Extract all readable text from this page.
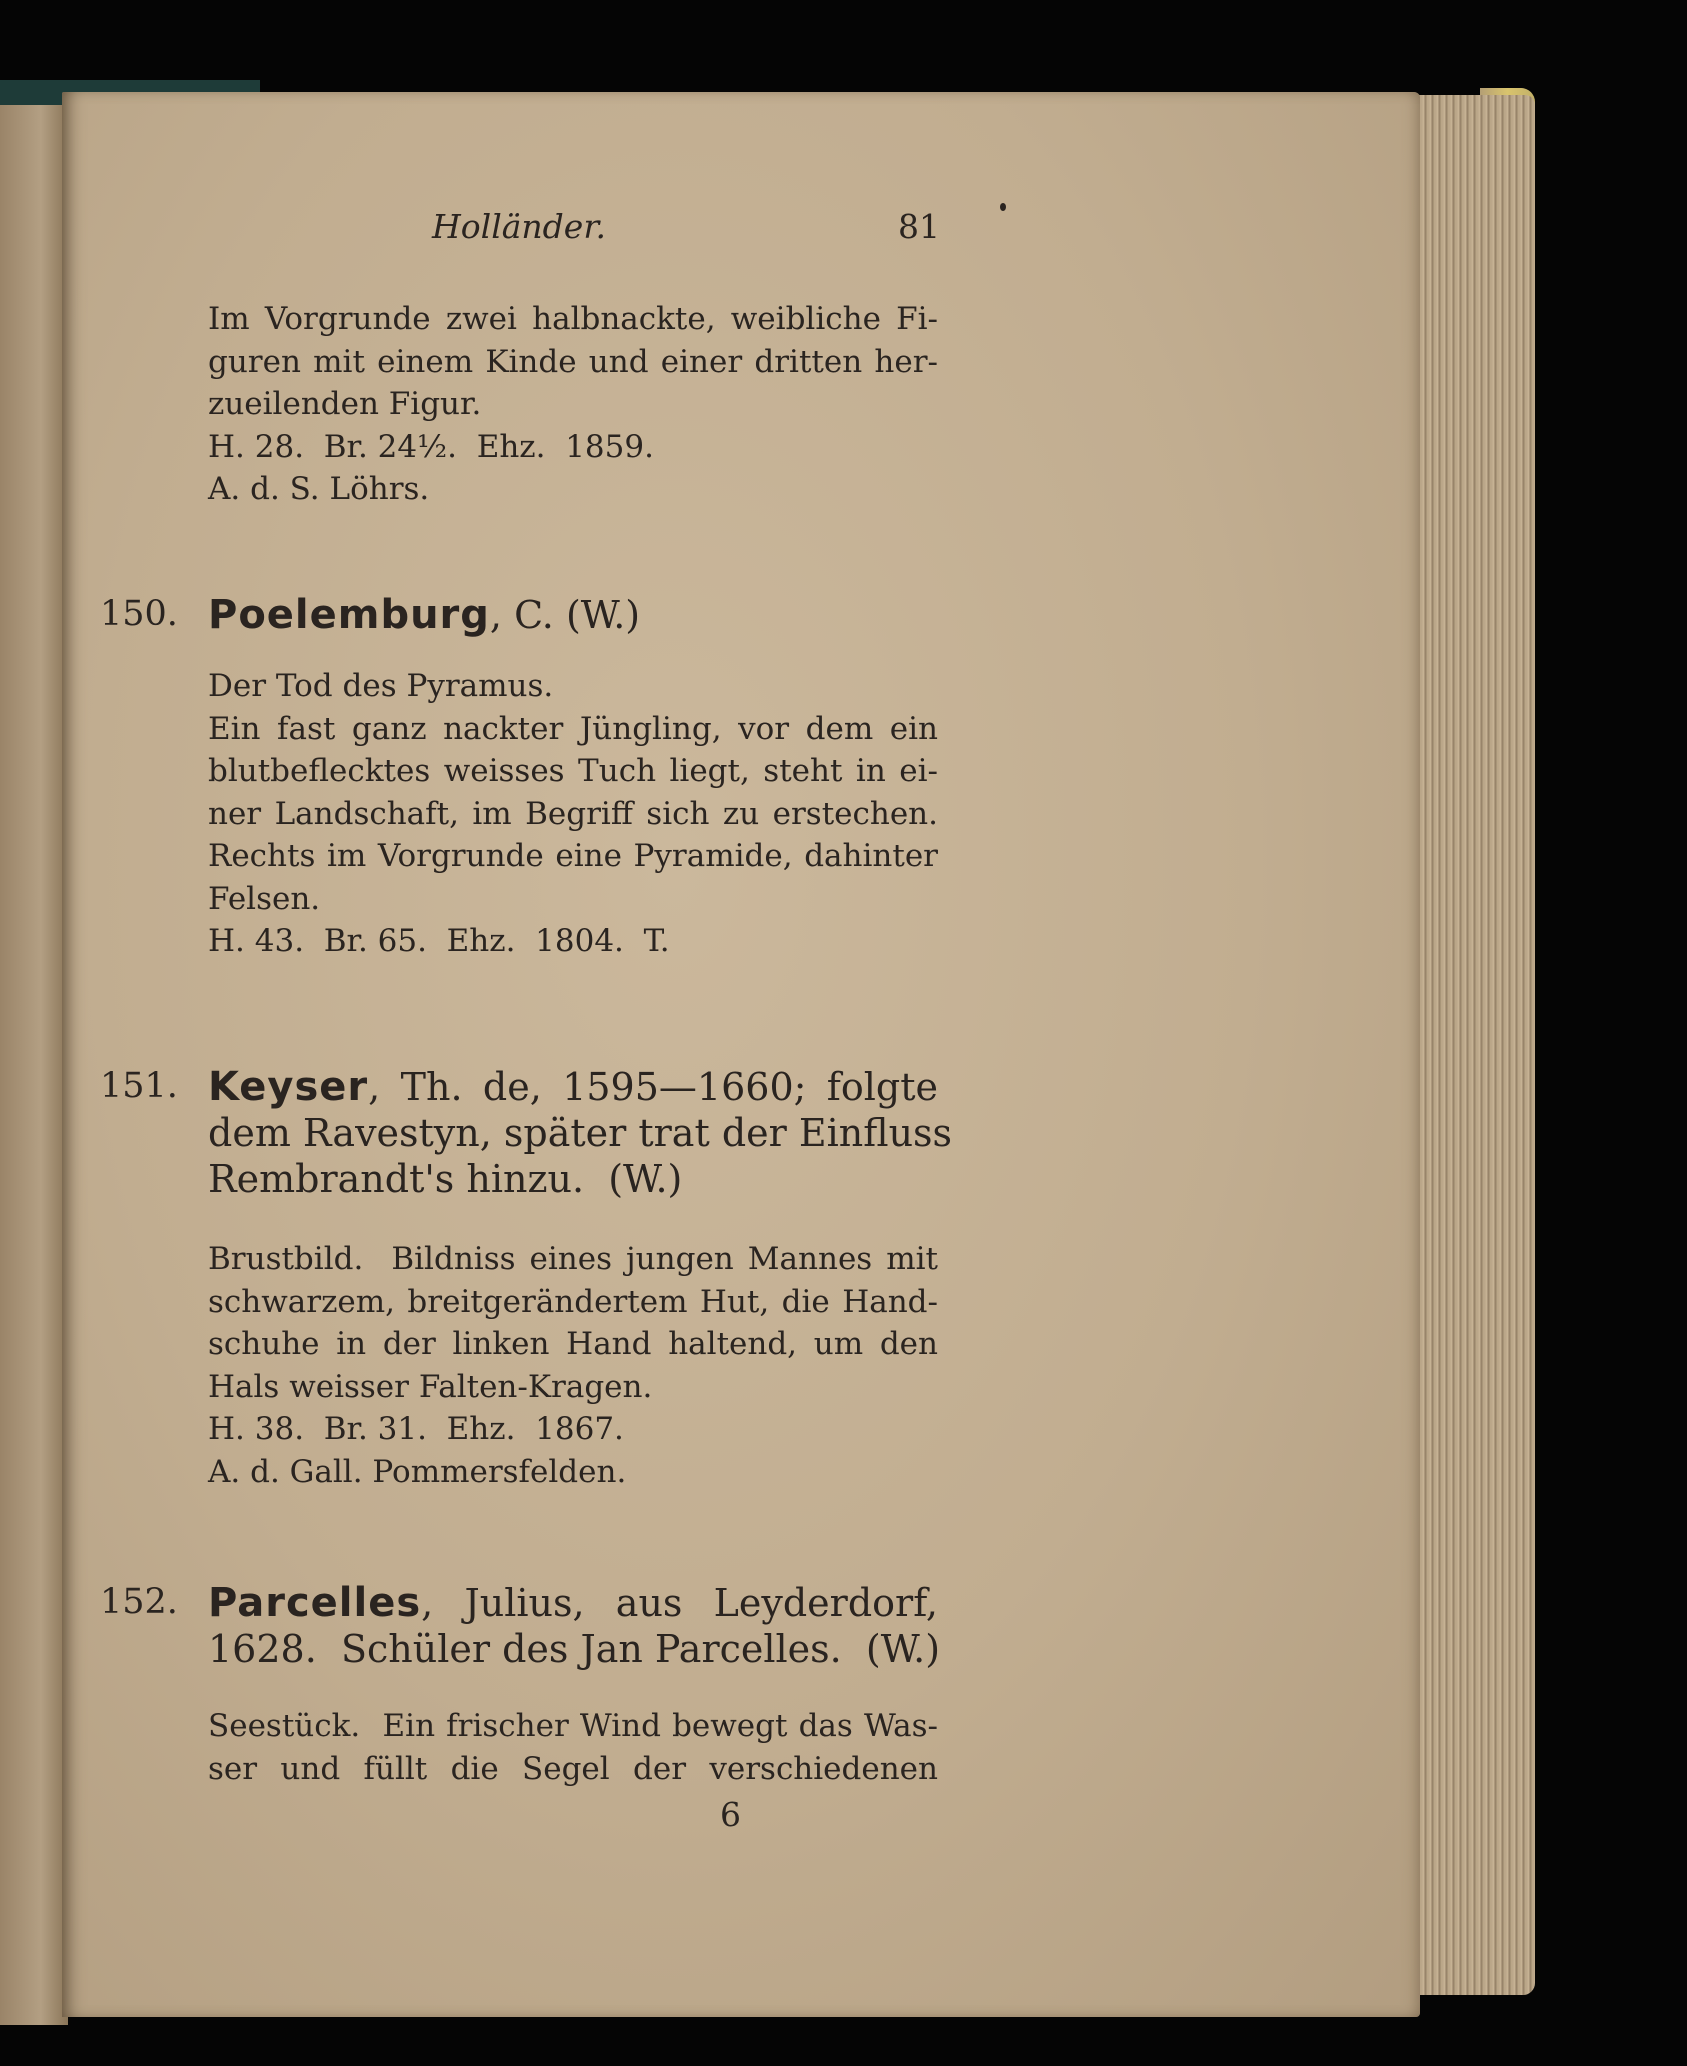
Holländer.	81
Im Vorgrunde zwei halbnackte, weibliche Fi-
guren mit einem Kinde und einer dritten her-
zueilenden Figur.
H. 28.  Br. 24½.  Ehz.  1859.
A. d. S. Löhrs.
150. Poelemburg, C. (W.)
Der Tod des Pyramus.
Ein fast ganz nackter Jüngling, vor dem ein
blutbeflecktes weisses Tuch liegt, steht in ei-
ner Landschaft, im Begriff sich zu erstechen.
Rechts im Vorgrunde eine Pyramide, dahinter
Felsen.
H. 43.  Br. 65.  Ehz.  1804.  T.
151. Keyser, Th. de, 1595—1660; folgte
dem Ravestyn, später trat der Einfluss
Rembrandt's hinzu.  (W.)
Brustbild.  Bildniss eines jungen Mannes mit
schwarzem, breitgerändertem Hut, die Hand-
schuhe in der linken Hand haltend, um den
Hals weisser Falten-Kragen.
H. 38.  Br. 31.  Ehz.  1867.
A. d. Gall. Pommersfelden.
152. Parcelles, Julius, aus Leyderdorf,
1628.  Schüler des Jan Parcelles.  (W.)
Seestück.  Ein frischer Wind bewegt das Was-
ser und füllt die Segel der verschiedenen
6
